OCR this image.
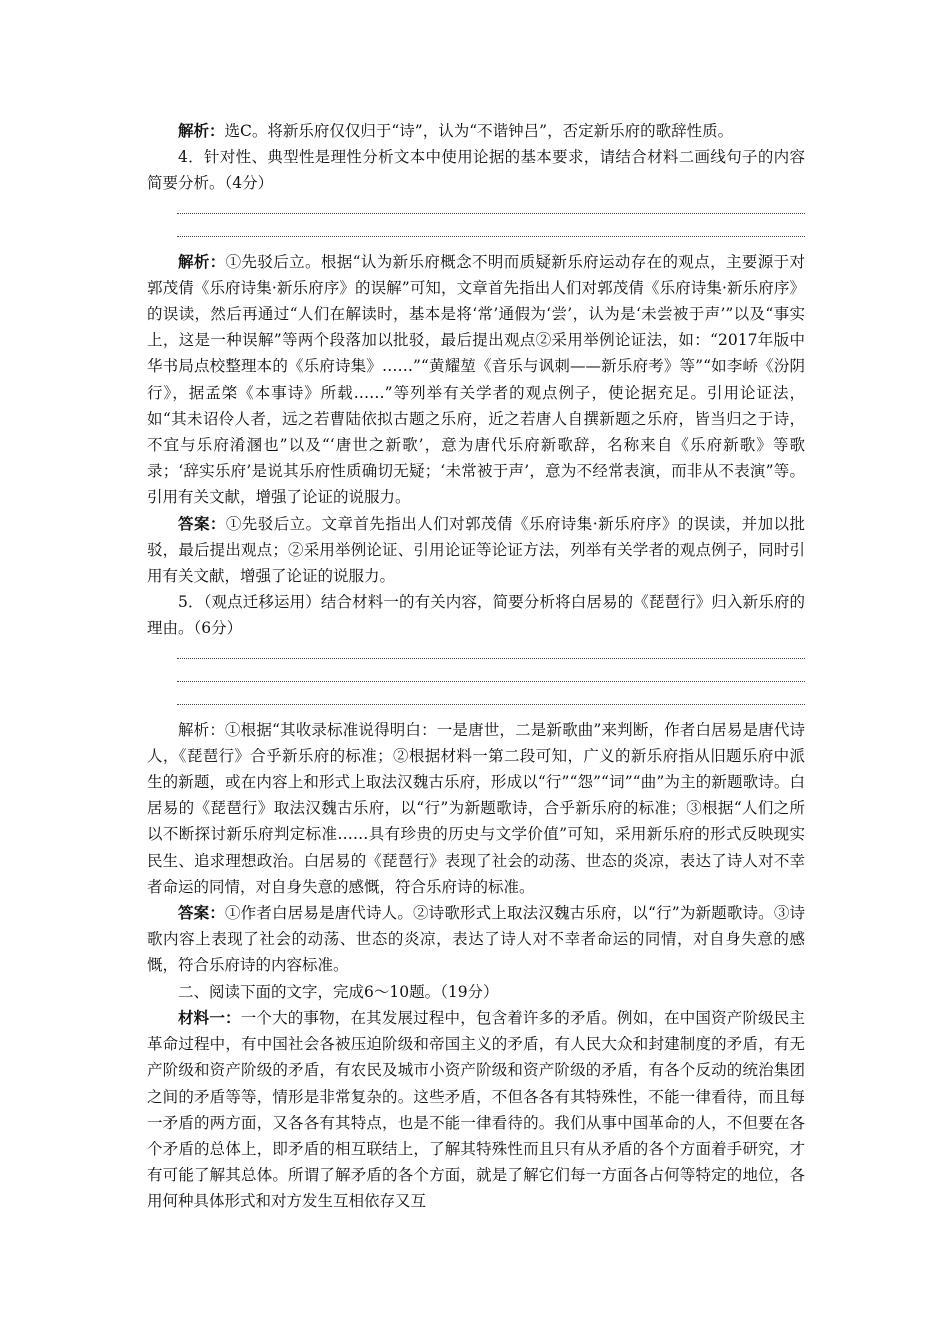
解析：选C。将新乐府仅仅归于“诗”，认为“不谐钟吕”，否定新乐府的歌辞性质。

4．针对性、典型性是理性分析文本中使用论据的基本要求，请结合材料二画线句子的内容简要分析。（4分）

解析：①先驳后立。根据“认为新乐府概念不明而质疑新乐府运动存在的观点，主要源于对郭茂倩《乐府诗集·新乐府序》的误解”可知，文章首先指出人们对郭茂倩《乐府诗集·新乐府序》的误读，然后再通过“人们在解读时，基本是将‘常’通假为‘尝’，认为是‘未尝被于声’”以及“事实上，这是一种误解”等两个段落加以批驳，最后提出观点②采用举例论证法，如：“2017年版中华书局点校整理本的《乐府诗集》……”“黄耀堃《音乐与讽刺——新乐府考》等”“如李峤《汾阴行》，据孟棨《本事诗》所载……”等列举有关学者的观点例子，使论据充足。引用论证法，如“其未诏伶人者，远之若曹陆依拟古题之乐府，近之若唐人自撰新题之乐府，皆当归之于诗，不宜与乐府淆溷也”以及“‘唐世之新歌’，意为唐代乐府新歌辞，名称来自《乐府新歌》等歌录；‘辞实乐府’是说其乐府性质确切无疑；‘未常被于声’，意为不经常表演，而非从不表演”等。引用有关文献，增强了论证的说服力。

答案：①先驳后立。文章首先指出人们对郭茂倩《乐府诗集·新乐府序》的误读，并加以批驳，最后提出观点；②采用举例论证、引用论证等论证方法，列举有关学者的观点例子，同时引用有关文献，增强了论证的说服力。

5．（观点迁移运用）结合材料一的有关内容，简要分析将白居易的《琵琶行》归入新乐府的理由。（6分）

解析：①根据“其收录标准说得明白：一是唐世，二是新歌曲”来判断，作者白居易是唐代诗人，《琵琶行》合乎新乐府的标准；②根据材料一第二段可知，广义的新乐府指从旧题乐府中派生的新题，或在内容上和形式上取法汉魏古乐府，形成以“行”“怨”“词”“曲”为主的新题歌诗。白居易的《琵琶行》取法汉魏古乐府，以“行”为新题歌诗，合乎新乐府的标准；③根据“人们之所以不断探讨新乐府判定标准……具有珍贵的历史与文学价值”可知，采用新乐府的形式反映现实民生、追求理想政治。白居易的《琵琶行》表现了社会的动荡、世态的炎凉，表达了诗人对不幸者命运的同情，对自身失意的感慨，符合乐府诗的标准。

答案：①作者白居易是唐代诗人。②诗歌形式上取法汉魏古乐府，以“行”为新题歌诗。③诗歌内容上表现了社会的动荡、世态的炎凉，表达了诗人对不幸者命运的同情，对自身失意的感慨，符合乐府诗的内容标准。

二、阅读下面的文字，完成6～10题。（19分）

材料一：一个大的事物，在其发展过程中，包含着许多的矛盾。例如，在中国资产阶级民主革命过程中，有中国社会各被压迫阶级和帝国主义的矛盾，有人民大众和封建制度的矛盾，有无产阶级和资产阶级的矛盾，有农民及城市小资产阶级和资产阶级的矛盾，有各个反动的统治集团之间的矛盾等等，情形是非常复杂的。这些矛盾，不但各各有其特殊性，不能一律看待，而且每一矛盾的两方面，又各各有其特点，也是不能一律看待的。我们从事中国革命的人，不但要在各个矛盾的总体上，即矛盾的相互联结上，了解其特殊性而且只有从矛盾的各个方面着手研究，才有可能了解其总体。所谓了解矛盾的各个方面，就是了解它们每一方面各占何等特定的地位，各用何种具体形式和对方发生互相依存又互
